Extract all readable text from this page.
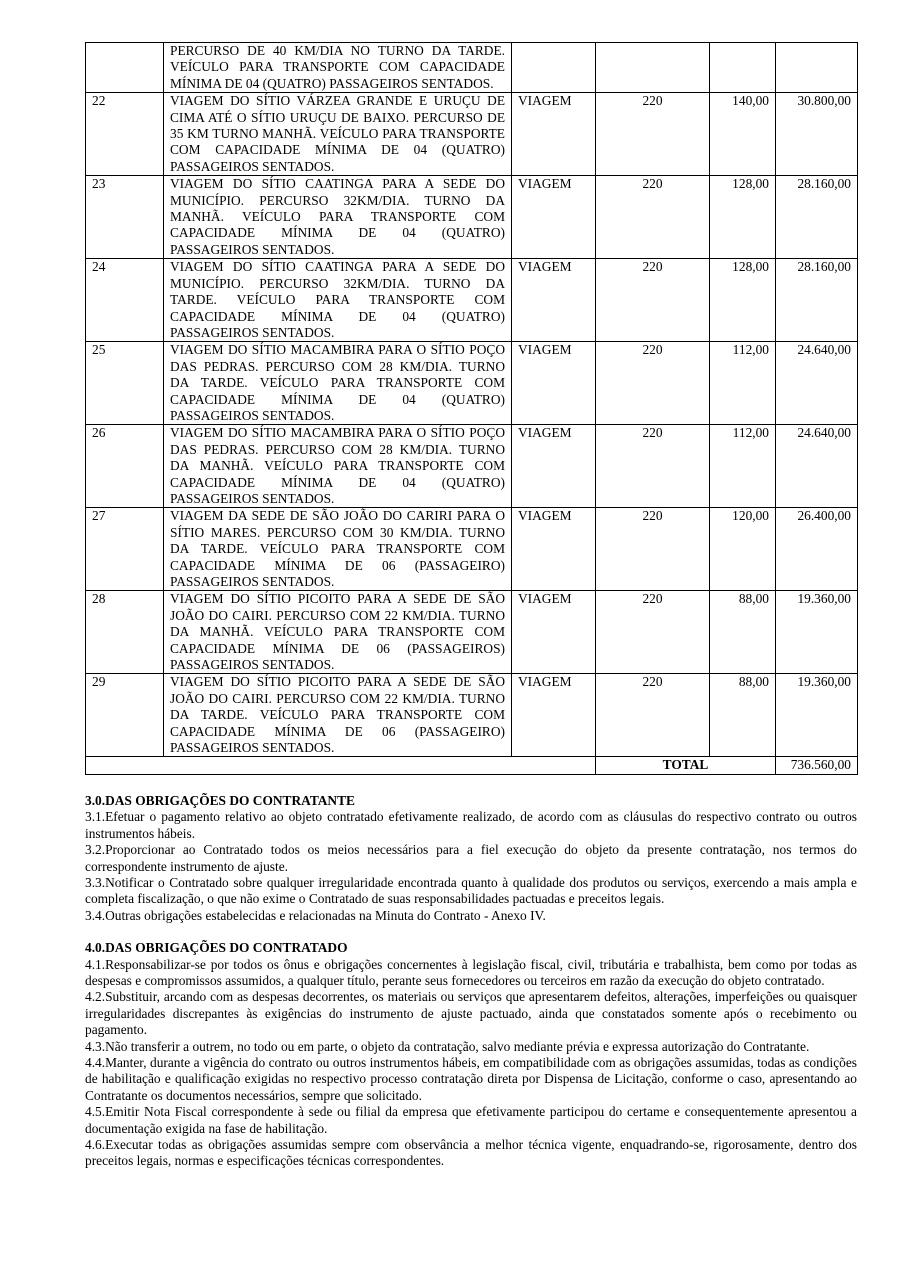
	PERCURSO DE 40 KM/DIA NO TURNO DA TARDE. VEÍCULO PARA TRANSPORTE COM CAPACIDADE MÍNIMA DE 04 (QUATRO) PASSAGEIROS SENTADOS.				
22	VIAGEM DO SÍTIO VÁRZEA GRANDE E URUÇU DE CIMA ATÉ O SÍTIO URUÇU DE BAIXO. PERCURSO DE 35 KM TURNO MANHÃ. VEÍCULO PARA TRANSPORTE COM CAPACIDADE MÍNIMA DE 04 (QUATRO) PASSAGEIROS SENTADOS.	VIAGEM	220	140,00	30.800,00
23	VIAGEM DO SÍTIO CAATINGA PARA A SEDE DO MUNICÍPIO. PERCURSO 32KM/DIA. TURNO DA MANHÃ. VEÍCULO PARA TRANSPORTE COM CAPACIDADE MÍNIMA DE 04 (QUATRO) PASSAGEIROS SENTADOS.	VIAGEM	220	128,00	28.160,00
24	VIAGEM DO SÍTIO CAATINGA PARA A SEDE DO MUNICÍPIO. PERCURSO 32KM/DIA. TURNO DA TARDE. VEÍCULO PARA TRANSPORTE COM CAPACIDADE MÍNIMA DE 04 (QUATRO) PASSAGEIROS SENTADOS.	VIAGEM	220	128,00	28.160,00
25	VIAGEM DO SÍTIO MACAMBIRA PARA O SÍTIO POÇO DAS PEDRAS. PERCURSO COM 28 KM/DIA. TURNO DA TARDE. VEÍCULO PARA TRANSPORTE COM CAPACIDADE MÍNIMA DE 04 (QUATRO) PASSAGEIROS SENTADOS.	VIAGEM	220	112,00	24.640,00
26	VIAGEM DO SÍTIO MACAMBIRA PARA O SÍTIO POÇO DAS PEDRAS. PERCURSO COM 28 KM/DIA. TURNO DA MANHÃ. VEÍCULO PARA TRANSPORTE COM CAPACIDADE MÍNIMA DE 04 (QUATRO) PASSAGEIROS SENTADOS.	VIAGEM	220	112,00	24.640,00
27	VIAGEM DA SEDE DE SÃO JOÃO DO CARIRI PARA O SÍTIO MARES. PERCURSO COM 30 KM/DIA. TURNO DA TARDE. VEÍCULO PARA TRANSPORTE COM CAPACIDADE MÍNIMA DE 06 (PASSAGEIRO) PASSAGEIROS SENTADOS.	VIAGEM	220	120,00	26.400,00
28	VIAGEM DO SÍTIO PICOITO PARA A SEDE DE SÃO JOÃO DO CAIRI. PERCURSO COM 22 KM/DIA. TURNO DA MANHÃ. VEÍCULO PARA TRANSPORTE COM CAPACIDADE MÍNIMA DE 06 (PASSAGEIROS) PASSAGEIROS SENTADOS.	VIAGEM	220	88,00	19.360,00
29	VIAGEM DO SÍTIO PICOITO PARA A SEDE DE SÃO JOÃO DO CAIRI. PERCURSO COM 22 KM/DIA. TURNO DA TARDE. VEÍCULO PARA TRANSPORTE COM CAPACIDADE MÍNIMA DE 06 (PASSAGEIRO) PASSAGEIROS SENTADOS.	VIAGEM	220	88,00	19.360,00
			TOTAL		736.560,00
3.0.DAS OBRIGAÇÕES DO CONTRATANTE

3.1.Efetuar o pagamento relativo ao objeto contratado efetivamente realizado, de acordo com as cláusulas do respectivo contrato ou outros instrumentos hábeis.

3.2.Proporcionar ao Contratado todos os meios necessários para a fiel execução do objeto da presente contratação, nos termos do correspondente instrumento de ajuste.

3.3.Notificar o Contratado sobre qualquer irregularidade encontrada quanto à qualidade dos produtos ou serviços, exercendo a mais ampla e completa fiscalização, o que não exime o Contratado de suas responsabilidades pactuadas e preceitos legais.

3.4.Outras obrigações estabelecidas e relacionadas na Minuta do Contrato - Anexo IV.

4.0.DAS OBRIGAÇÕES DO CONTRATADO

4.1.Responsabilizar-se por todos os ônus e obrigações concernentes à legislação fiscal, civil, tributária e trabalhista, bem como por todas as despesas e compromissos assumidos, a qualquer título, perante seus fornecedores ou terceiros em razão da execução do objeto contratado.

4.2.Substituir, arcando com as despesas decorrentes, os materiais ou serviços que apresentarem defeitos, alterações, imperfeições ou quaisquer irregularidades discrepantes às exigências do instrumento de ajuste pactuado, ainda que constatados somente após o recebimento ou pagamento.

4.3.Não transferir a outrem, no todo ou em parte, o objeto da contratação, salvo mediante prévia e expressa autorização do Contratante.

4.4.Manter, durante a vigência do contrato ou outros instrumentos hábeis, em compatibilidade com as obrigações assumidas, todas as condições de habilitação e qualificação exigidas no respectivo processo contratação direta por Dispensa de Licitação, conforme o caso, apresentando ao Contratante os documentos necessários, sempre que solicitado.

4.5.Emitir Nota Fiscal correspondente à sede ou filial da empresa que efetivamente participou do certame e consequentemente apresentou a documentação exigida na fase de habilitação.

4.6.Executar todas as obrigações assumidas sempre com observância a melhor técnica vigente, enquadrando-se, rigorosamente, dentro dos preceitos legais, normas e especificações técnicas correspondentes.
